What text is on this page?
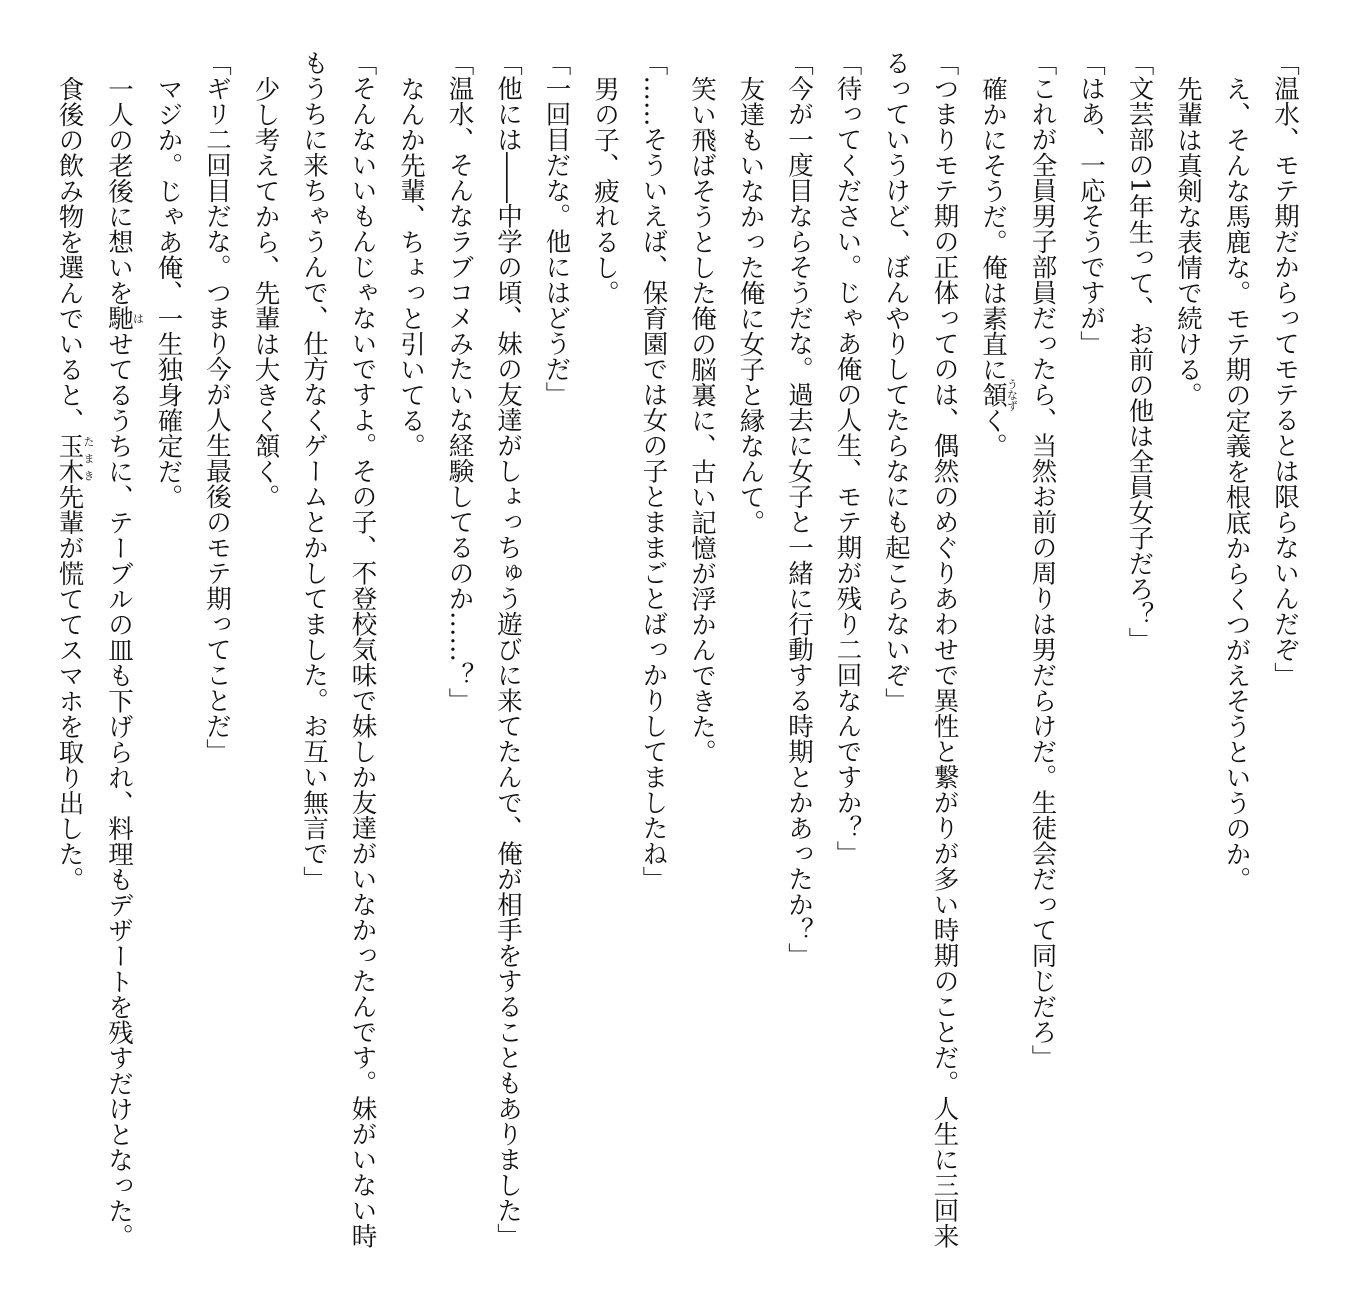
「温水、モテ期だからってモテるとは限らないんだぞ」

え、そんな馬鹿な。モテ期の定義を根底からくつがえそうというのか。

先輩は真剣な表情で続ける。

「文芸部の1年生って、お前の他は全員女子だろ？」

「はあ、一応そうですが」

「これが全員男子部員だったら、当然お前の周りは男だらけだ。生徒会だって同じだろ」

確かにそうだ。俺は素直に頷うなずく。

「つまりモテ期の正体ってのは、偶然のめぐりあわせで異性と繋がりが多い時期のことだ。人生に三回来るっていうけど、ぼんやりしてたらなにも起こらないぞ」

「待ってください。じゃあ俺の人生、モテ期が残り二回なんですか？」

「今が一度目ならそうだな。過去に女子と一緒に行動する時期とかあったか？」

友達もいなかった俺に女子と縁なんて。

笑い飛ばそうとした俺の脳裏に、古い記憶が浮かんできた。

「……そういえば、保育園では女の子とままごとばっかりしてましたね」

男の子、疲れるし。

「一回目だな。他にはどうだ」

「他には――中学の頃、妹の友達がしょっちゅう遊びに来てたんで、俺が相手をすることもありました」

「温水、そんなラブコメみたいな経験してるのか……？」

なんか先輩、ちょっと引いてる。

「そんないいもんじゃないですよ。その子、不登校気味で妹しか友達がいなかったんです。妹がいない時もうちに来ちゃうんで、仕方なくゲームとかしてました。お互い無言で」

少し考えてから、先輩は大きく頷く。

「ギリ二回目だな。つまり今が人生最後のモテ期ってことだ」

マジか。じゃあ俺、一生独身確定だ。

一人の老後に想いを馳はせてるうちに、テーブルの皿も下げられ、料理もデザートを残すだけとなった。

食後の飲み物を選んでいると、玉木たまき先輩が慌ててスマホを取り出した。
